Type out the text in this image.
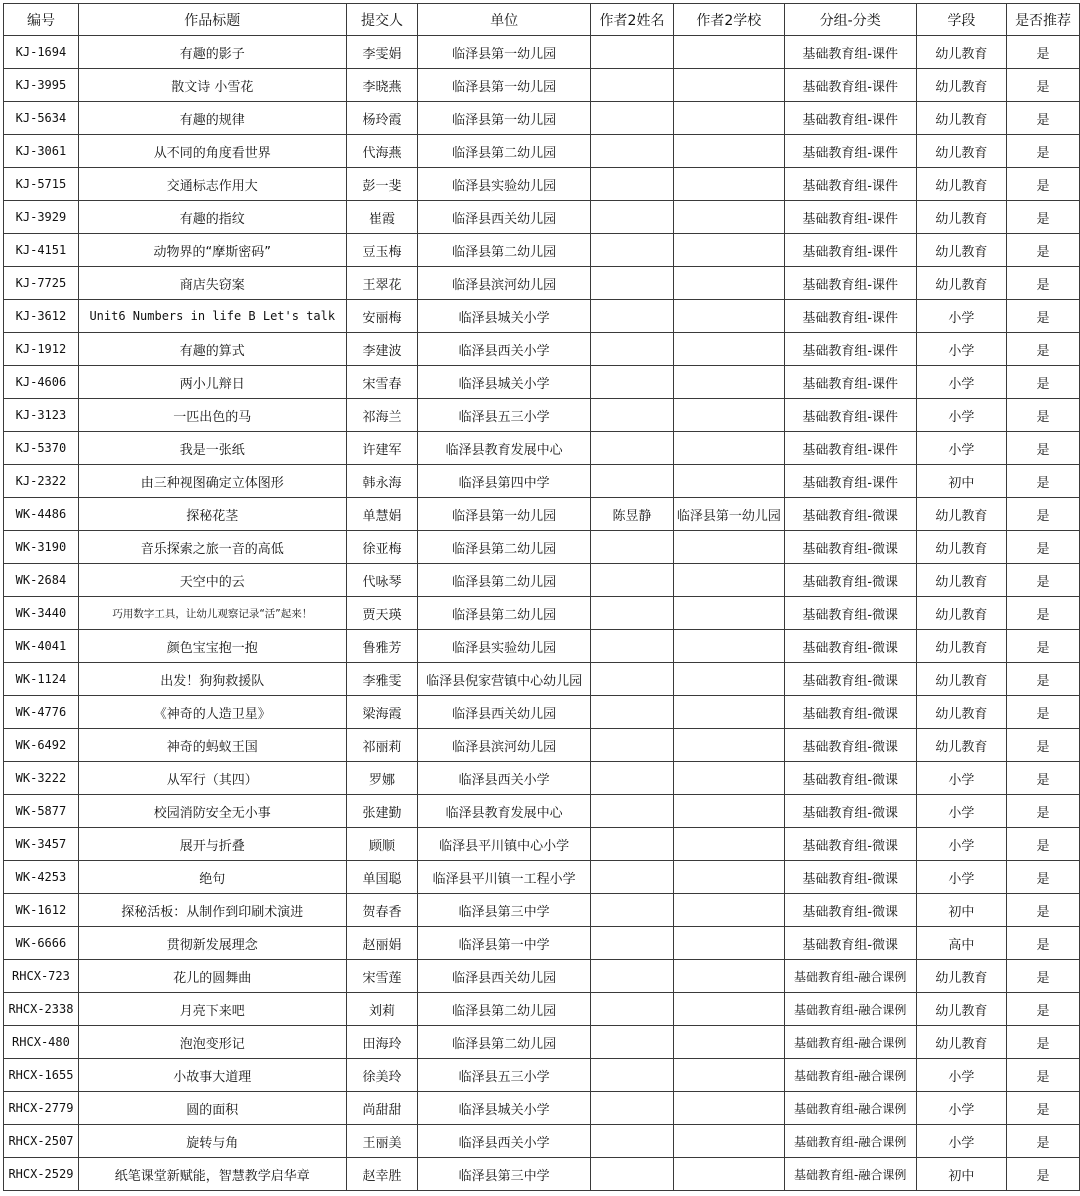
编号	作品标题	提交人	单位	作者2姓名	作者2学校	分组-分类	学段	是否推荐
KJ-1694	有趣的影子	李雯娟	临泽县第一幼儿园			基础教育组-课件	幼儿教育	是
KJ-3995	散文诗 小雪花	李晓燕	临泽县第一幼儿园			基础教育组-课件	幼儿教育	是
KJ-5634	有趣的规律	杨玲霞	临泽县第一幼儿园			基础教育组-课件	幼儿教育	是
KJ-3061	从不同的角度看世界	代海燕	临泽县第二幼儿园			基础教育组-课件	幼儿教育	是
KJ-5715	交通标志作用大	彭一斐	临泽县实验幼儿园			基础教育组-课件	幼儿教育	是
KJ-3929	有趣的指纹	崔霞	临泽县西关幼儿园			基础教育组-课件	幼儿教育	是
KJ-4151	动物界的“摩斯密码”	豆玉梅	临泽县第二幼儿园			基础教育组-课件	幼儿教育	是
KJ-7725	商店失窃案	王翠花	临泽县滨河幼儿园			基础教育组-课件	幼儿教育	是
KJ-3612	Unit6 Numbers in life B Let's talk	安丽梅	临泽县城关小学			基础教育组-课件	小学	是
KJ-1912	有趣的算式	李建波	临泽县西关小学			基础教育组-课件	小学	是
KJ-4606	两小儿辩日	宋雪春	临泽县城关小学			基础教育组-课件	小学	是
KJ-3123	一匹出色的马	祁海兰	临泽县五三小学			基础教育组-课件	小学	是
KJ-5370	我是一张纸	许建军	临泽县教育发展中心			基础教育组-课件	小学	是
KJ-2322	由三种视图确定立体图形	韩永海	临泽县第四中学			基础教育组-课件	初中	是
WK-4486	探秘花茎	单慧娟	临泽县第一幼儿园	陈昱静	临泽县第一幼儿园	基础教育组-微课	幼儿教育	是
WK-3190	音乐探索之旅一音的高低	徐亚梅	临泽县第二幼儿园			基础教育组-微课	幼儿教育	是
WK-2684	天空中的云	代咏琴	临泽县第二幼儿园			基础教育组-微课	幼儿教育	是
WK-3440	巧用数字工具，让幼儿观察记录“活”起来！	贾天瑛	临泽县第二幼儿园			基础教育组-微课	幼儿教育	是
WK-4041	颜色宝宝抱一抱	鲁雅芳	临泽县实验幼儿园			基础教育组-微课	幼儿教育	是
WK-1124	出发！狗狗救援队	李雅雯	临泽县倪家营镇中心幼儿园			基础教育组-微课	幼儿教育	是
WK-4776	《神奇的人造卫星》	梁海霞	临泽县西关幼儿园			基础教育组-微课	幼儿教育	是
WK-6492	神奇的蚂蚁王国	祁丽莉	临泽县滨河幼儿园			基础教育组-微课	幼儿教育	是
WK-3222	从军行（其四）	罗娜	临泽县西关小学			基础教育组-微课	小学	是
WK-5877	校园消防安全无小事	张建勤	临泽县教育发展中心			基础教育组-微课	小学	是
WK-3457	展开与折叠	顾顺	临泽县平川镇中心小学			基础教育组-微课	小学	是
WK-4253	绝句	单国聪	临泽县平川镇一工程小学			基础教育组-微课	小学	是
WK-1612	探秘活板：从制作到印刷术演进	贺春香	临泽县第三中学			基础教育组-微课	初中	是
WK-6666	贯彻新发展理念	赵丽娟	临泽县第一中学			基础教育组-微课	高中	是
RHCX-723	花儿的圆舞曲	宋雪莲	临泽县西关幼儿园			基础教育组-融合课例	幼儿教育	是
RHCX-2338	月亮下来吧	刘莉	临泽县第二幼儿园			基础教育组-融合课例	幼儿教育	是
RHCX-480	泡泡变形记	田海玲	临泽县第二幼儿园			基础教育组-融合课例	幼儿教育	是
RHCX-1655	小故事大道理	徐美玲	临泽县五三小学			基础教育组-融合课例	小学	是
RHCX-2779	圆的面积	尚甜甜	临泽县城关小学			基础教育组-融合课例	小学	是
RHCX-2507	旋转与角	王丽美	临泽县西关小学			基础教育组-融合课例	小学	是
RHCX-2529	纸笔课堂新赋能，智慧教学启华章	赵幸胜	临泽县第三中学			基础教育组-融合课例	初中	是
